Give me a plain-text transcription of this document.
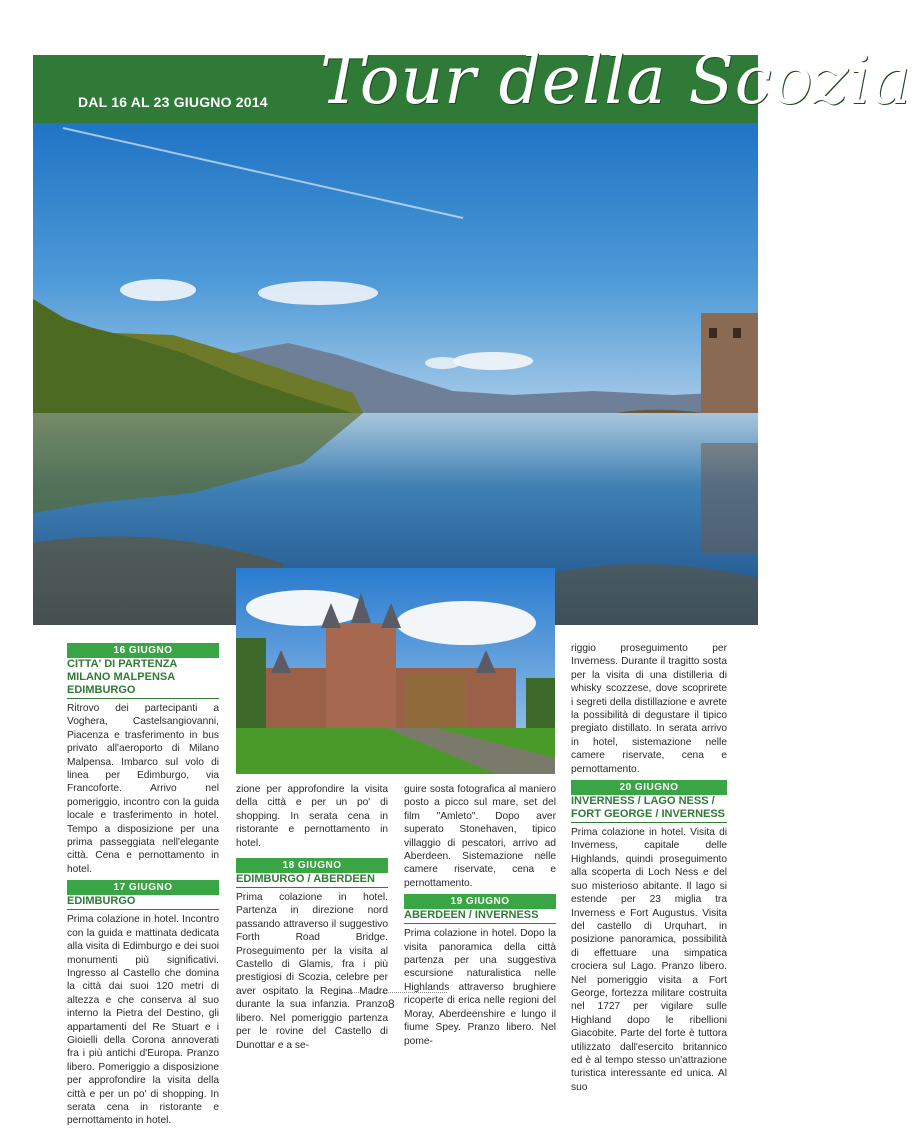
Tour della Scozia
DAL 16 AL 23 GIUGNO 2014
16 GIUGNO
CITTA' DI PARTENZA
MILANO MALPENSA
EDIMBURGO

Ritrovo dei partecipanti a Voghera, Castelsangiovanni, Piacenza e trasferimento in bus privato all'aeroporto di Milano Malpensa. Imbarco sul volo di linea per Edimburgo, via Francoforte. Arrivo nel pomeriggio, incontro con la guida locale e trasferimento in hotel. Tempo a disposizione per una prima passeggiata nell'elegante città. Cena e pernottamento in hotel.

17 GIUGNO
EDIMBURGO

Prima colazione in hotel. Incontro con la guida e mattinata dedicata alla visita di Edimburgo e dei suoi monumenti più significativi. Ingresso al Castello che domina la città dai suoi 120 metri di altezza e che conserva al suo interno la Pietra del Destino, gli appartamenti del Re Stuart e i Gioielli della Corona annoverati fra i più antichi d'Europa. Pranzo libero. Pomeriggio a disposizione per approfondire la visita della città e per un po' di shopping. In serata cena in ristorante e pernottamento in hotel.

zione per approfondire la visita della città e per un po' di shopping. In serata cena in ristorante e pernottamento in hotel.

18 GIUGNO
EDIMBURGO / ABERDEEN

Prima colazione in hotel. Partenza in direzione nord passando attraverso il suggestivo Forth Road Bridge. Proseguimento per la visita al Castello di Glamis, fra i più prestigiosi di Scozia, celebre per aver ospitato la Regina Madre durante la sua infanzia. Pranzo libero. Nel pomeriggio partenza per le rovine del Castello di Dunottar e a se-

guire sosta fotografica al maniero posto a picco sul mare, set del film "Amleto". Dopo aver superato Stonehaven, tipico villaggio di pescatori, arrivo ad Aberdeen. Sistemazione nelle camere riservate, cena e pernottamento.

19 GIUGNO
ABERDEEN / INVERNESS

Prima colazione in hotel. Dopo la visita panoramica della città partenza per una suggestiva escursione naturalistica nelle Highlands attraverso brughiere ricoperte di erica nelle regioni del Moray, Aberdeenshire e lungo il fiume Spey. Pranzo libero. Nel pome-

riggio proseguimento per Inverness. Durante il tragitto sosta per la visita di una distilleria di whisky scozzese, dove scoprirete i segreti della distillazione e avrete la possibilità di degustare il tipico pregiato distillato. In serata arrivo in hotel, sistemazione nelle camere riservate, cena e pernottamento.

20 GIUGNO
INVERNESS / LAGO NESS /
FORT GEORGE / INVERNESS

Prima colazione in hotel. Visita di Inverness, capitale delle Highlands, quindi proseguimento alla scoperta di Loch Ness e del suo misterioso abitante. Il lago si estende per 23 miglia tra Inverness e Fort Augustus. Visita del castello di Urquhart, in posizione panoramica, possibilità di effettuare una simpatica crociera sul Lago. Pranzo libero. Nel pomeriggio visita a Fort George, fortezza militare costruita nel 1727 per vigilare sulle Highland dopo le ribellioni Giacobite. Parte del forte è tuttora utilizzato dall'esercito britannico ed è al tempo stesso un'attrazione turistica interessante ed unica. Al suo

8
